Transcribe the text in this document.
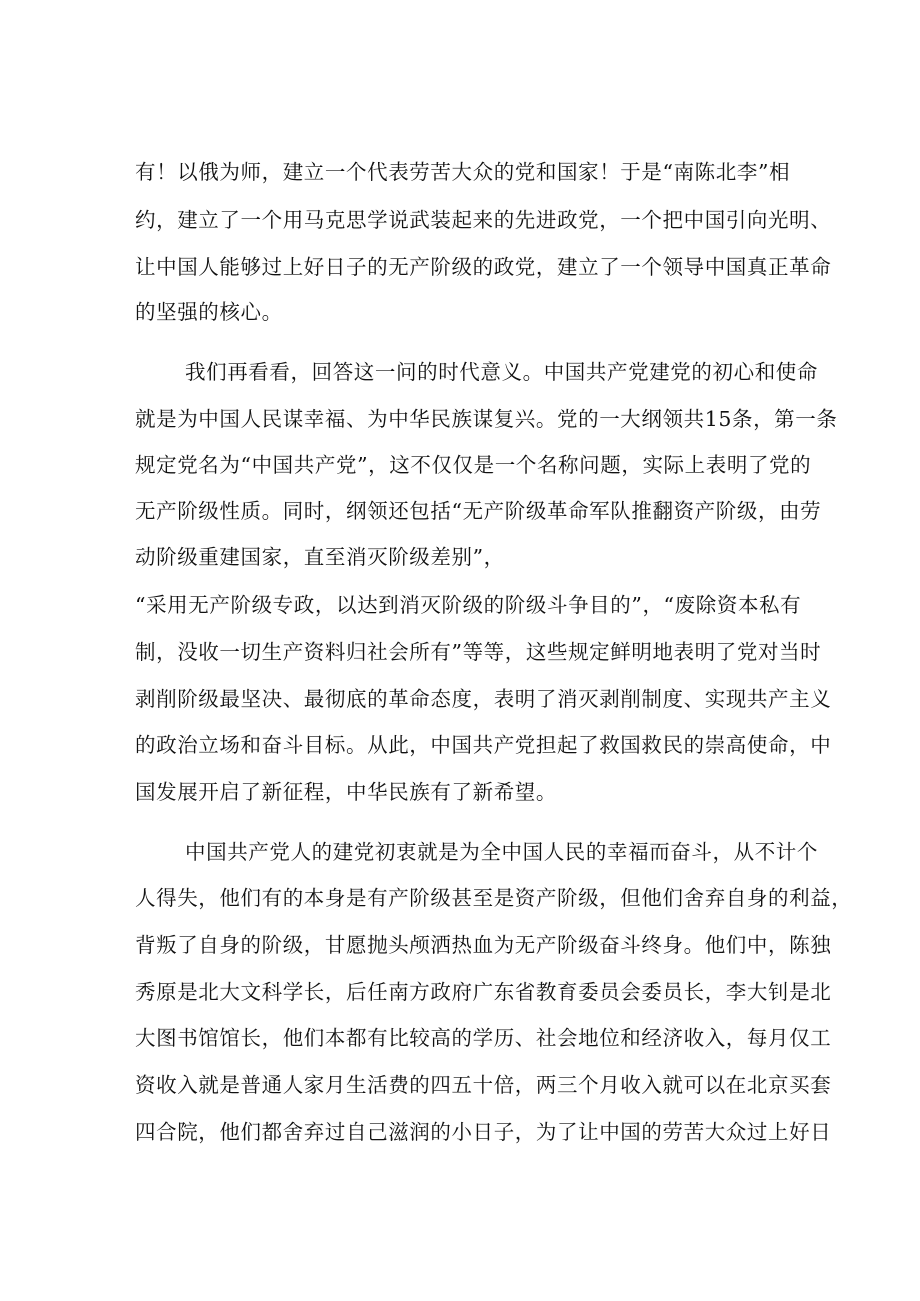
有！以俄为师，建立一个代表劳苦大众的党和国家！于是“南陈北李”相
约，建立了一个用马克思学说武装起来的先进政党，一个把中国引向光明、
让中国人能够过上好日子的无产阶级的政党，建立了一个领导中国真正革命
的坚强的核心。
我们再看看，回答这一问的时代意义。中国共产党建党的初心和使命
就是为中国人民谋幸福、为中华民族谋复兴。党的一大纲领共15条，第一条
规定党名为“中国共产党”，这不仅仅是一个名称问题，实际上表明了党的
无产阶级性质。同时，纲领还包括“无产阶级革命军队推翻资产阶级，由劳
动阶级重建国家，直至消灭阶级差别”，
“采用无产阶级专政，以达到消灭阶级的阶级斗争目的”，“废除资本私有
制，没收一切生产资料归社会所有”等等，这些规定鲜明地表明了党对当时
剥削阶级最坚决、最彻底的革命态度，表明了消灭剥削制度、实现共产主义
的政治立场和奋斗目标。从此，中国共产党担起了救国救民的崇高使命，中
国发展开启了新征程，中华民族有了新希望。
中国共产党人的建党初衷就是为全中国人民的幸福而奋斗，从不计个
人得失，他们有的本身是有产阶级甚至是资产阶级，但他们舍弃自身的利益，
背叛了自身的阶级，甘愿抛头颅洒热血为无产阶级奋斗终身。他们中，陈独
秀原是北大文科学长，后任南方政府广东省教育委员会委员长，李大钊是北
大图书馆馆长，他们本都有比较高的学历、社会地位和经济收入，每月仅工
资收入就是普通人家月生活费的四五十倍，两三个月收入就可以在北京买套
四合院，他们都舍弃过自己滋润的小日子，为了让中国的劳苦大众过上好日
